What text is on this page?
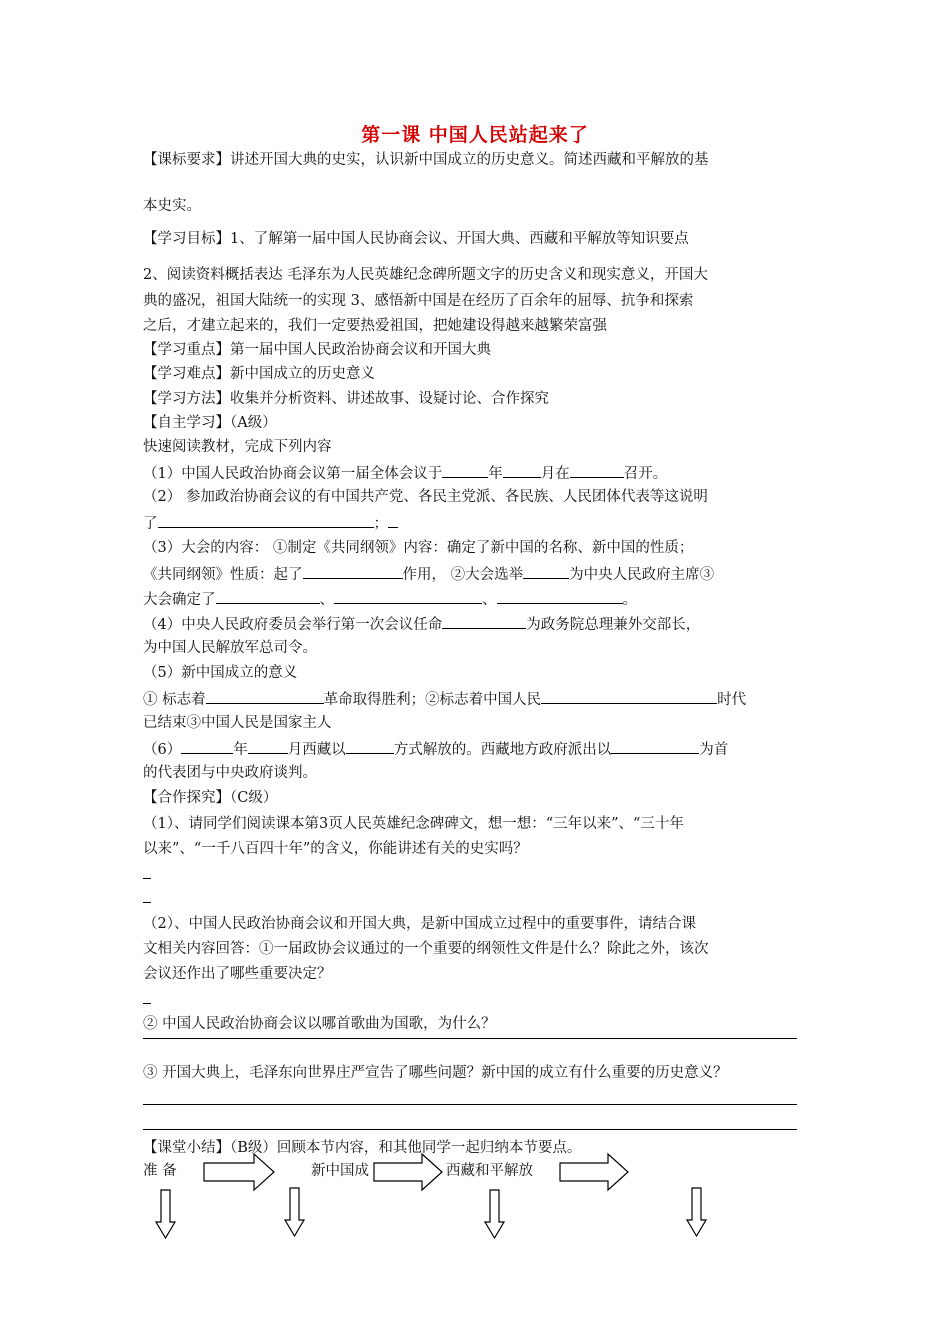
第一课 中国人民站起来了
【课标要求】讲述开国大典的史实，认识新中国成立的历史意义。简述西藏和平解放的基
本史实。
【学习目标】1、了解第一届中国人民协商会议、开国大典、西藏和平解放等知识要点
2、阅读资料概括表达 毛泽东为人民英雄纪念碑所题文字的历史含义和现实意义，开国大
典的盛况，祖国大陆统一的实现 3、感悟新中国是在经历了百余年的屈辱、抗争和探索
之后，才建立起来的，我们一定要热爱祖国，把她建设得越来越繁荣富强
【学习重点】第一届中国人民政治协商会议和开国大典
【学习难点】新中国成立的历史意义
【学习方法】收集并分析资料、讲述故事、设疑讨论、合作探究
【自主学习】（A级）
快速阅读教材，完成下列内容
（1）中国人民政治协商会议第一届全体会议于	年	月在	召开。
（2） 参加政治协商会议的有中国共产党、各民主党派、各民族、人民团体代表等这说明
了	；
（3）大会的内容： ①制定《共同纲领》内容：确定了新中国的名称、新中国的性质；
《共同纲领》性质：起了	作用， ②大会选举	为中央人民政府主席③
大会确定了	、	、	。
（4）中央人民政府委员会举行第一次会议任命	为政务院总理兼外交部长，
为中国人民解放军总司令。
（5）新中国成立的意义
① 标志着	革命取得胜利；②标志着中国人民	时代
已结束③中国人民是国家主人
（6）	年	月西藏以	方式解放的。西藏地方政府派出以	为首
的代表团与中央政府谈判。
【合作探究】（C级）
（1）、请同学们阅读课本第3页人民英雄纪念碑碑文，想一想：“三年以来”、“三十年
以来”、“一千八百四十年”的含义，你能讲述有关的史实吗？
（2）、中国人民政治协商会议和开国大典，是新中国成立过程中的重要事件，请结合课
文相关内容回答：①一届政协会议通过的一个重要的纲领性文件是什么？除此之外，该次
会议还作出了哪些重要决定？
② 中国人民政治协商会议以哪首歌曲为国歌，为什么？
③ 开国大典上，毛泽东向世界庄严宣告了哪些问题？新中国的成立有什么重要的历史意义？
【课堂小结】（B级）回顾本节内容，和其他同学一起归纳本节要点。
准 备	新中国成	西藏和平解放
